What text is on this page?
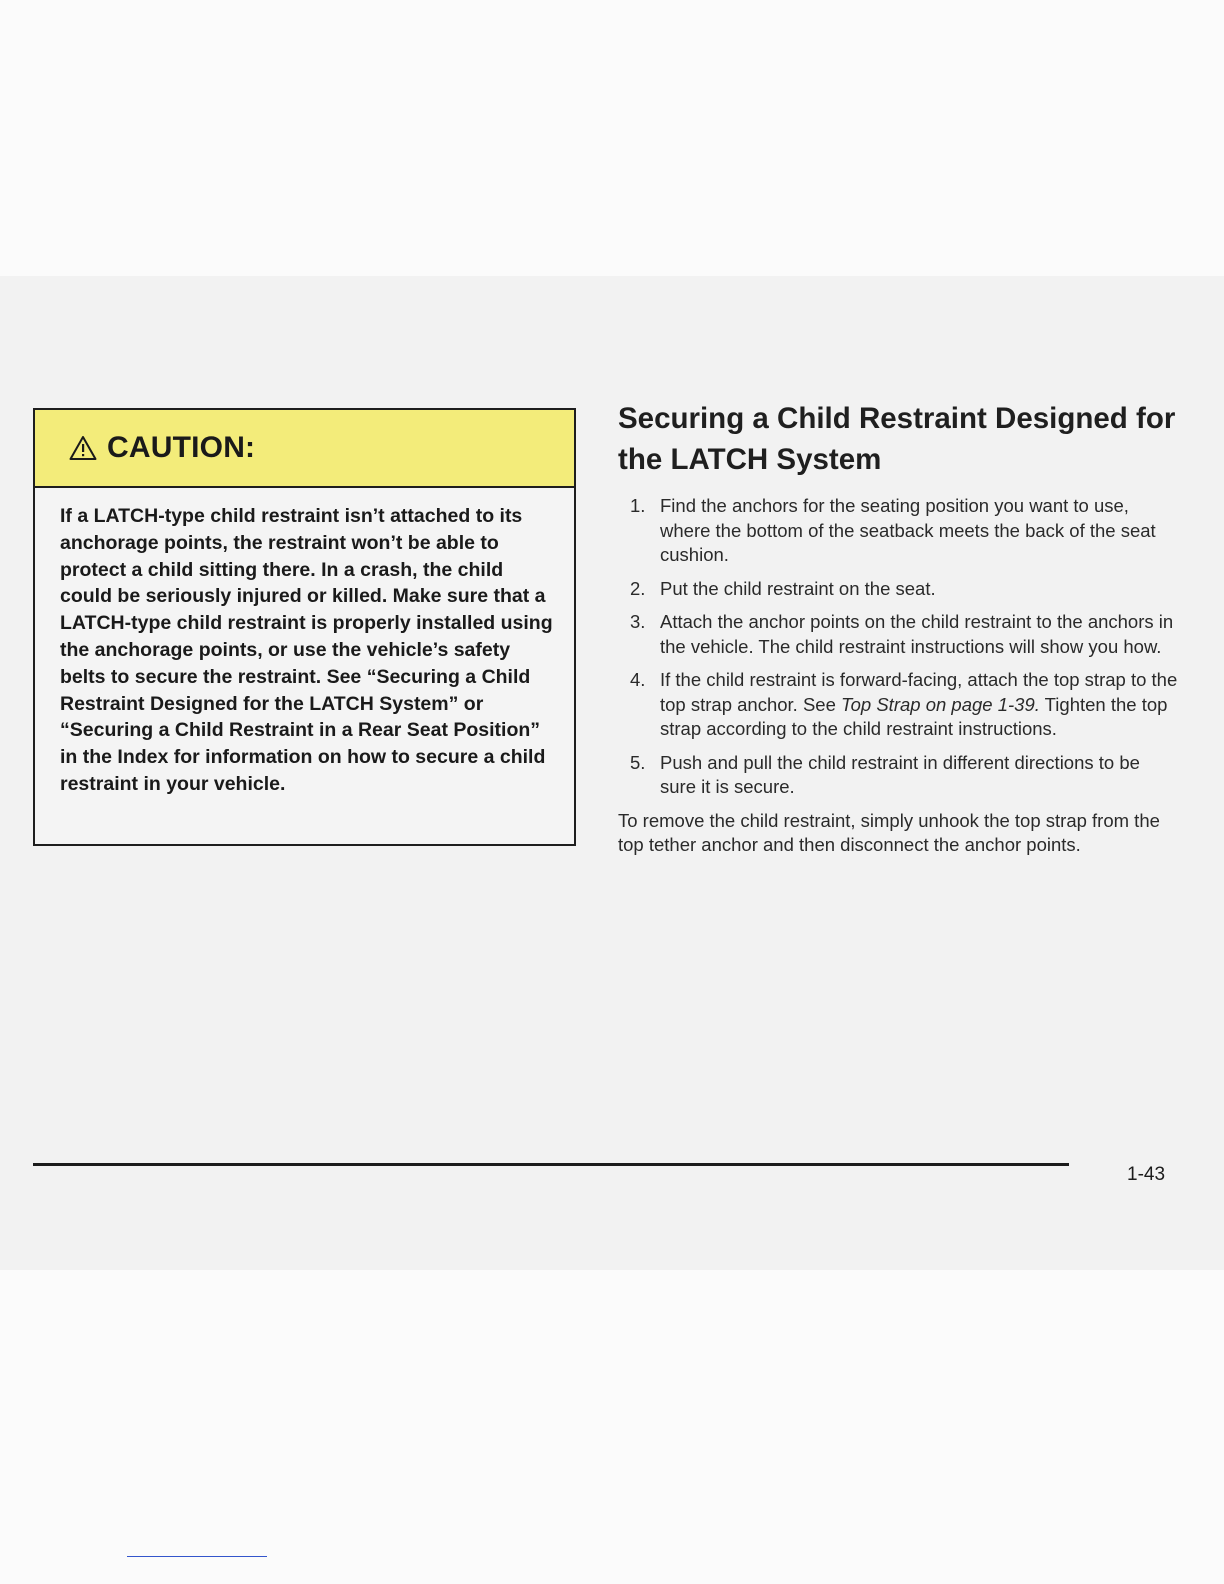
CAUTION:
If a LATCH-type child restraint isn’t attached to its anchorage points, the restraint won’t be able to protect a child sitting there. In a crash, the child could be seriously injured or killed. Make sure that a LATCH-type child restraint is properly installed using the anchorage points, or use the vehicle’s safety belts to secure the restraint. See “Securing a Child Restraint Designed for the LATCH System” or “Securing a Child Restraint in a Rear Seat Position” in the Index for information on how to secure a child restraint in your vehicle.
Securing a Child Restraint Designed for the LATCH System
1. Find the anchors for the seating position you want to use, where the bottom of the seatback meets the back of the seat cushion.
2. Put the child restraint on the seat.
3. Attach the anchor points on the child restraint to the anchors in the vehicle. The child restraint instructions will show you how.
4. If the child restraint is forward-facing, attach the top strap to the top strap anchor. See Top Strap on page 1-39. Tighten the top strap according to the child restraint instructions.
5. Push and pull the child restraint in different directions to be sure it is secure.

To remove the child restraint, simply unhook the top strap from the top tether anchor and then disconnect the anchor points.

1-43
